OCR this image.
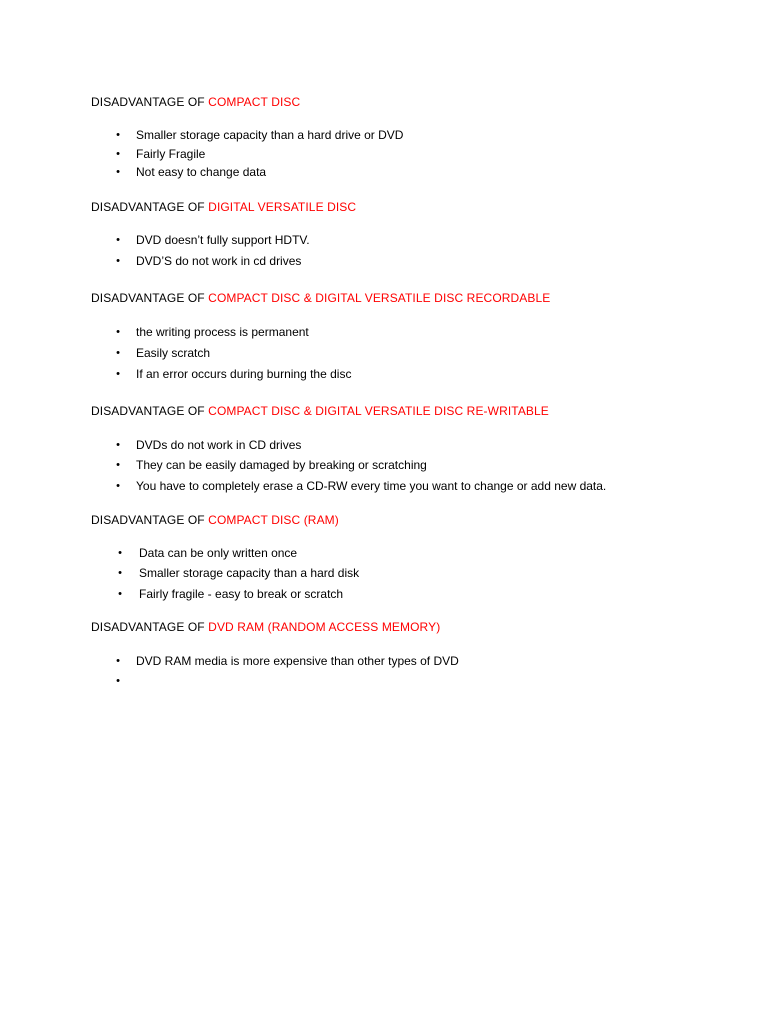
DISADVANTAGE OF COMPACT DISC
•	Smaller storage capacity than a hard drive or DVD
•	Fairly Fragile
•	Not easy to change data
DISADVANTAGE OF DIGITAL VERSATILE DISC
•	DVD doesn’t fully support HDTV.
•	DVD’S do not work in cd drives
DISADVANTAGE OF COMPACT DISC & DIGITAL VERSATILE DISC RECORDABLE
•	the writing process is permanent
•	Easily scratch
•	If an error occurs during burning the disc
DISADVANTAGE OF COMPACT DISC & DIGITAL VERSATILE DISC RE-WRITABLE
•	DVDs do not work in CD drives
•	They can be easily damaged by breaking or scratching
•	You have to completely erase a CD-RW every time you want to change or add new data.
DISADVANTAGE OF COMPACT DISC (RAM)
•	Data can be only written once
•	Smaller storage capacity than a hard disk
•	Fairly fragile - easy to break or scratch
DISADVANTAGE OF DVD RAM (RANDOM ACCESS MEMORY)
•	DVD RAM media is more expensive than other types of DVD
•
